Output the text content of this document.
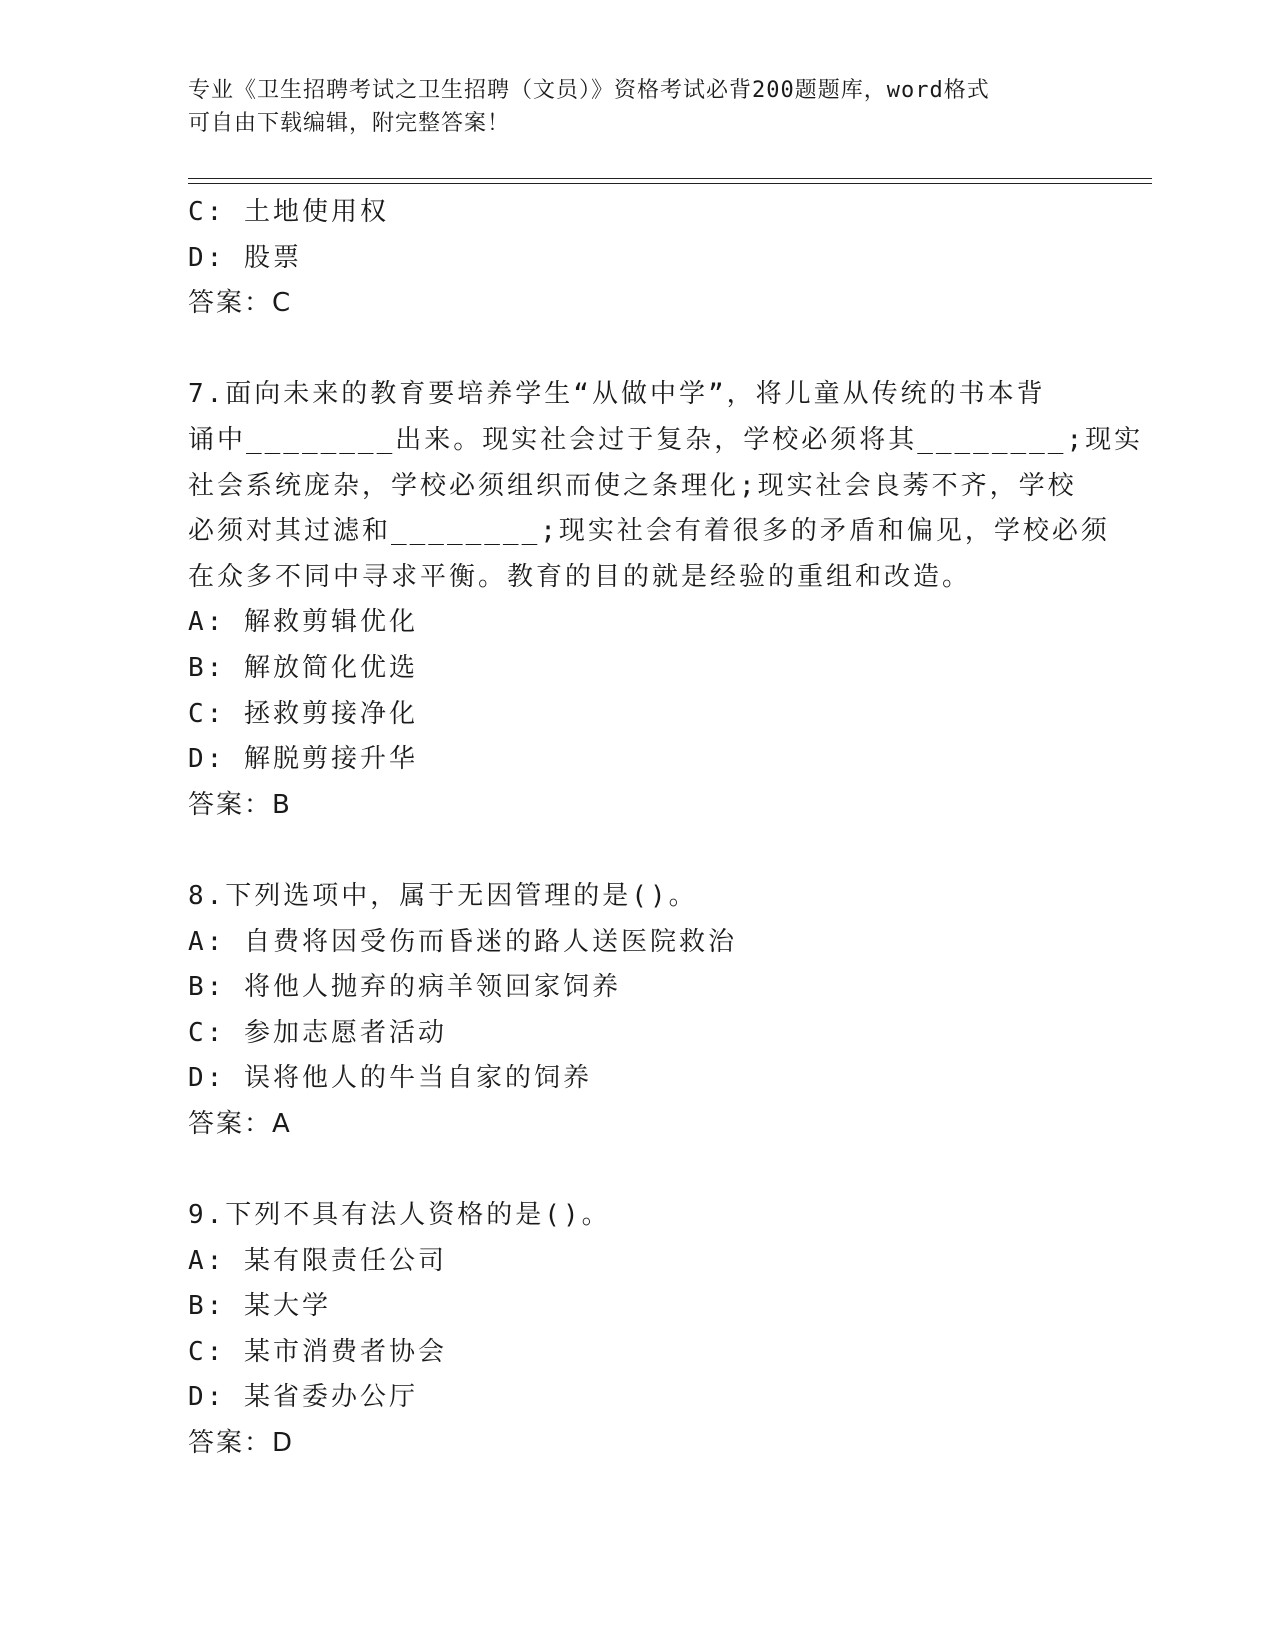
专业《卫生招聘考试之卫生招聘（文员）》资格考试必背200题题库，word格式
可自由下载编辑，附完整答案！
C: 土地使用权
D: 股票
答案：C
7.面向未来的教育要培养学生“从做中学”，将儿童从传统的书本背
诵中________出来。现实社会过于复杂，学校必须将其________;现实
社会系统庞杂，学校必须组织而使之条理化;现实社会良莠不齐，学校
必须对其过滤和________;现实社会有着很多的矛盾和偏见，学校必须
在众多不同中寻求平衡。教育的目的就是经验的重组和改造。
A: 解救剪辑优化
B: 解放简化优选
C: 拯救剪接净化
D: 解脱剪接升华
答案：B
8.下列选项中，属于无因管理的是()。
A: 自费将因受伤而昏迷的路人送医院救治
B: 将他人抛弃的病羊领回家饲养
C: 参加志愿者活动
D: 误将他人的牛当自家的饲养
答案：A
9.下列不具有法人资格的是()。
A: 某有限责任公司
B: 某大学
C: 某市消费者协会
D: 某省委办公厅
答案：D
